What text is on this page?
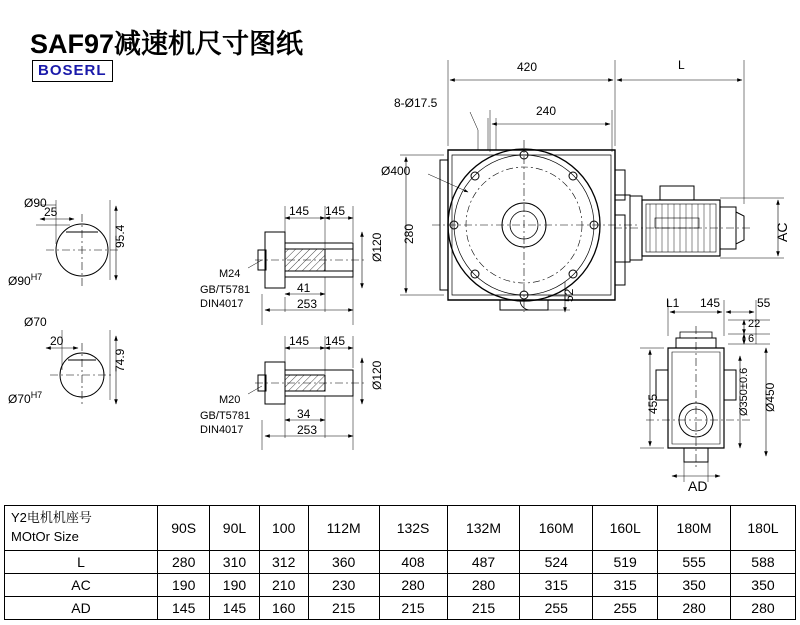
SAF97减速机尺寸图纸
BOSERL	420	L
8-Ø17.5
240
Ø400
280
52
AC
Ø90
25
95.4
$Ø90^{H7}$
Ø70
20
74.9
$Ø70^{H7}$
145 145
Ø120
M24
GB/T5781
DIN4017
41
253
145 145
Ø120
M20
GB/T5781
DIN4017
34
253
L1 145	55
22
6
455	Ø350±0.6 Ø450
AD
Y2电机机座号
MOtOr Size	90S	90L	100	112M	132S	132M	160M	160L	180M	180L
L	280	310	312	360	408	487	524	519	555	588
AC	190	190	210	230	280	280	315	315	350	350
AD	145	145	160	215	215	215	255	255	280	280
